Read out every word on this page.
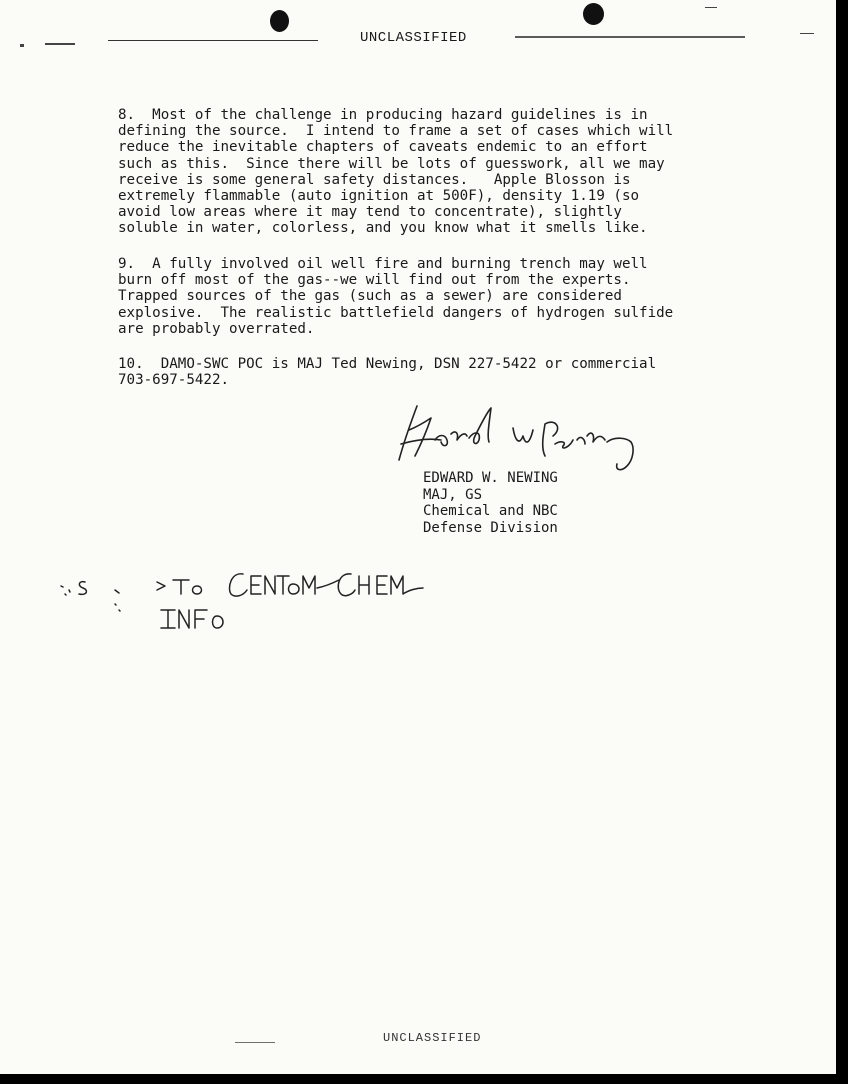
UNCLASSIFIED
8.  Most of the challenge in producing hazard guidelines is in
defining the source.  I intend to frame a set of cases which will
reduce the inevitable chapters of caveats endemic to an effort
such as this.  Since there will be lots of guesswork, all we may
receive is some general safety distances.   Apple Blosson is
extremely flammable (auto ignition at 500F), density 1.19 (so
avoid low areas where it may tend to concentrate), slightly
soluble in water, colorless, and you know what it smells like.
9.  A fully involved oil well fire and burning trench may well
burn off most of the gas--we will find out from the experts.
Trapped sources of the gas (such as a sewer) are considered
explosive.  The realistic battlefield dangers of hydrogen sulfide
are probably overrated.
10.  DAMO-SWC POC is MAJ Ted Newing, DSN 227-5422 or commercial
703-697-5422.
EDWARD W. NEWING
MAJ, GS
Chemical and NBC
Defense Division
UNCLASSIFIED
